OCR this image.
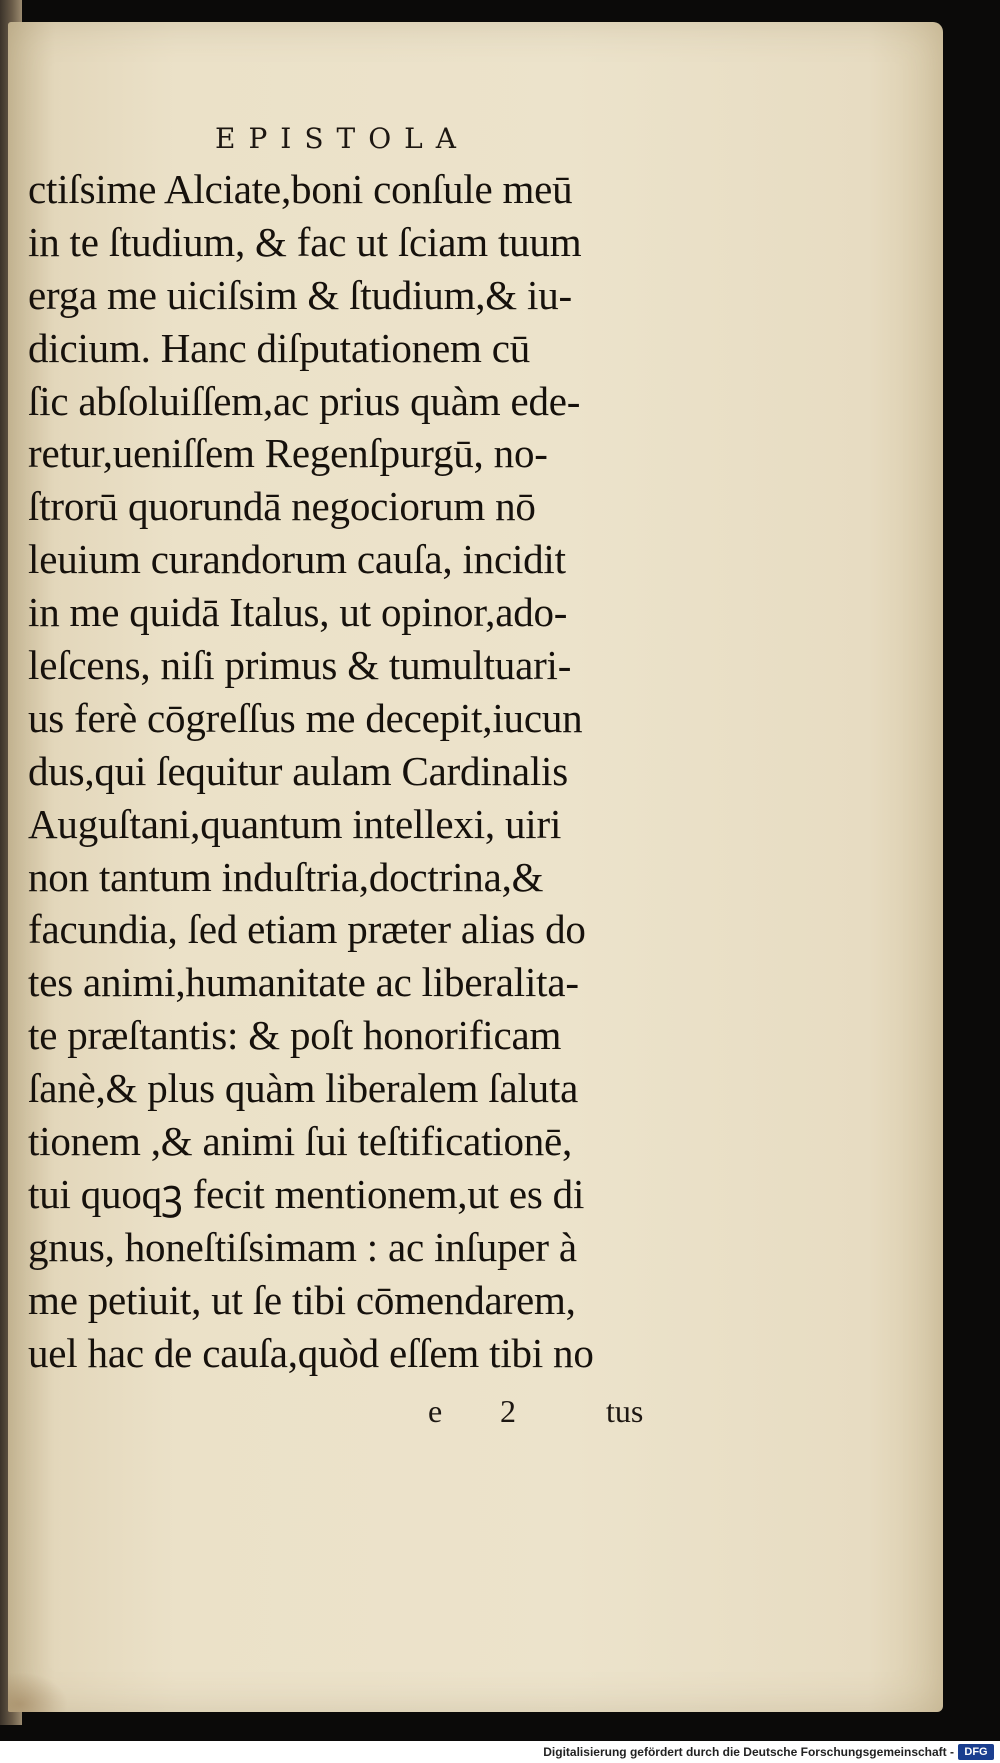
EPISTOLA
ctiſsime Alciate,boni conſule meū
in te ſtudium, & fac ut ſciam tuum
erga me uiciſsim & ſtudium,& iu-
dicium. Hanc diſputationem cū
ſic abſoluiſſem,ac prius quàm ede-
retur,ueniſſem Regenſpurgū, no-
ſtrorū quorundā negociorum nō
leuium curandorum cauſa, incidit
in me quidā Italus, ut opinor,ado-
leſcens, niſi primus & tumultuari-
us ferè cōgreſſus me decepit,iucun
dus,qui ſequitur aulam Cardinalis
Auguſtani,quantum intellexi, uiri
non tantum induſtria,doctrina,&
facundia, ſed etiam præter alias do
tes animi,humanitate ac liberalita-
te præſtantis: & poſt honorificam
ſanè,& plus quàm liberalem ſaluta
tionem ,& animi ſui teſtificationē,
tui quoqꝫ fecit mentionem,ut es di
gnus, honeſtiſsimam : ac inſuper à
me petiuit, ut ſe tibi cōmendarem,
uel hac de cauſa,quòd eſſem tibi no
e 2	tus
Digitalisierung gefördert durch die Deutsche Forschungsgemeinschaft - DFG
